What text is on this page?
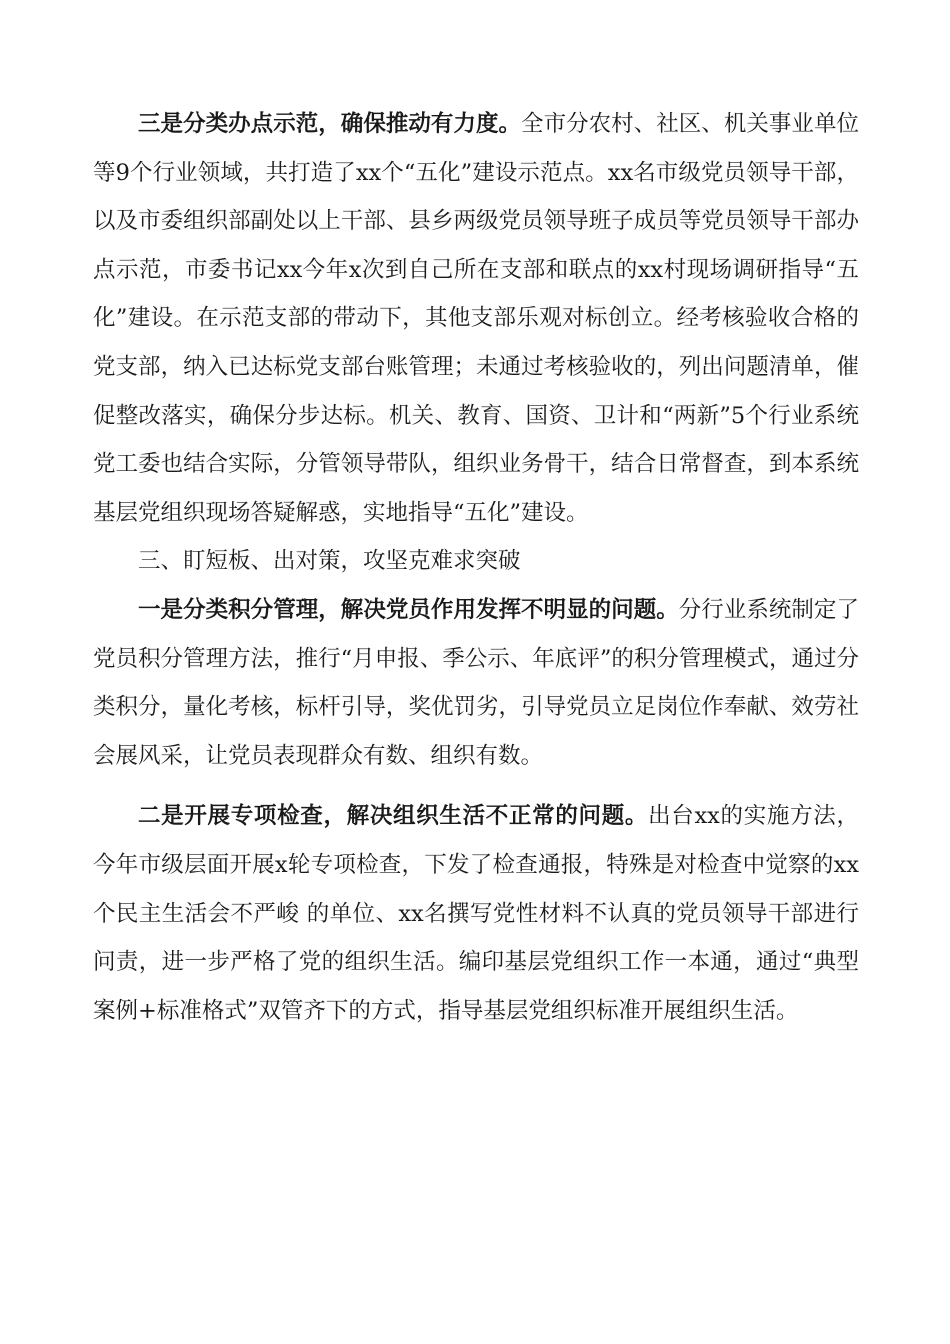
三是分类办点示范，确保推动有力度。全市分农村、社区、机关事业单位等9个行业领域，共打造了xx个“五化”建设示范点。xx名市级党员领导干部，以及市委组织部副处以上干部、县乡两级党员领导班子成员等党员领导干部办点示范，市委书记xx今年x次到自己所在支部和联点的xx村现场调研指导“五化”建设。在示范支部的带动下，其他支部乐观对标创立。经考核验收合格的党支部，纳入已达标党支部台账管理；未通过考核验收的，列出问题清单，催促整改落实，确保分步达标。机关、教育、国资、卫计和“两新”5个行业系统党工委也结合实际，分管领导带队，组织业务骨干，结合日常督查，到本系统基层党组织现场答疑解惑，实地指导“五化”建设。

三、盯短板、出对策，攻坚克难求突破

一是分类积分管理，解决党员作用发挥不明显的问题。分行业系统制定了党员积分管理方法，推行“月申报、季公示、年底评”的积分管理模式，通过分类积分，量化考核，标杆引导，奖优罚劣，引导党员立足岗位作奉献、效劳社会展风采，让党员表现群众有数、组织有数。

二是开展专项检查，解决组织生活不正常的问题。出台xx的实施方法，今年市级层面开展x轮专项检查，下发了检查通报，特殊是对检查中觉察的xx个民主生活会不严峻 的单位、xx名撰写党性材料不认真的党员领导干部进行问责，进一步严格了党的组织生活。编印基层党组织工作一本通，通过“典型案例+标准格式”双管齐下的方式，指导基层党组织标准开展组织生活。
